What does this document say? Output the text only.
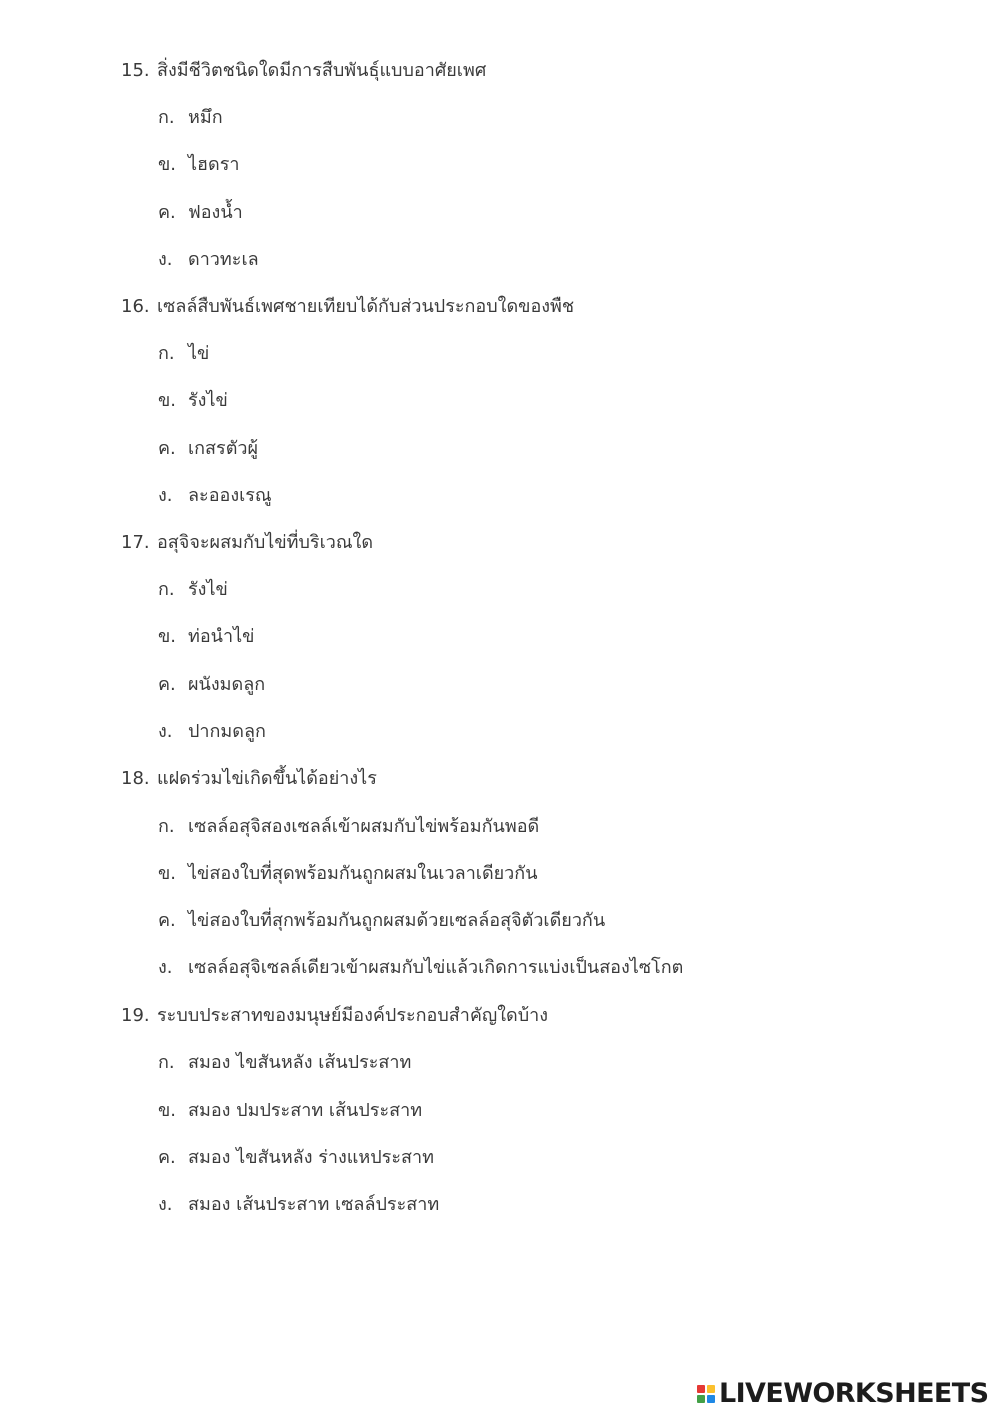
15. สิ่งมีชีวิตชนิดใดมีการสืบพันธุ์แบบอาศัยเพศ
ก. หมึก
ข. ไฮดรา
ค. ฟองน้ำ
ง. ดาวทะเล
16. เซลล์สืบพันธ์เพศชายเทียบได้กับส่วนประกอบใดของพืช
ก. ไข่
ข. รังไข่
ค. เกสรตัวผู้
ง. ละอองเรณู
17. อสุจิจะผสมกับไข่ที่บริเวณใด
ก. รังไข่
ข. ท่อนำไข่
ค. ผนังมดลูก
ง. ปากมดลูก
18. แฝดร่วมไข่เกิดขึ้นได้อย่างไร
ก. เซลล์อสุจิสองเซลล์เข้าผสมกับไข่พร้อมกันพอดี
ข. ไข่สองใบที่สุดพร้อมกันถูกผสมในเวลาเดียวกัน
ค. ไข่สองใบที่สุกพร้อมกันถูกผสมด้วยเซลล์อสุจิตัวเดียวกัน
ง. เซลล์อสุจิเซลล์เดียวเข้าผสมกับไข่แล้วเกิดการแบ่งเป็นสองไซโกต
19. ระบบประสาทของมนุษย์มีองค์ประกอบสำคัญใดบ้าง
ก. สมอง ไขสันหลัง เส้นประสาท
ข. สมอง ปมประสาท เส้นประสาท
ค. สมอง ไขสันหลัง ร่างแหประสาท
ง. สมอง เส้นประสาท เซลล์ประสาท
LIVEWORKSHEETS
